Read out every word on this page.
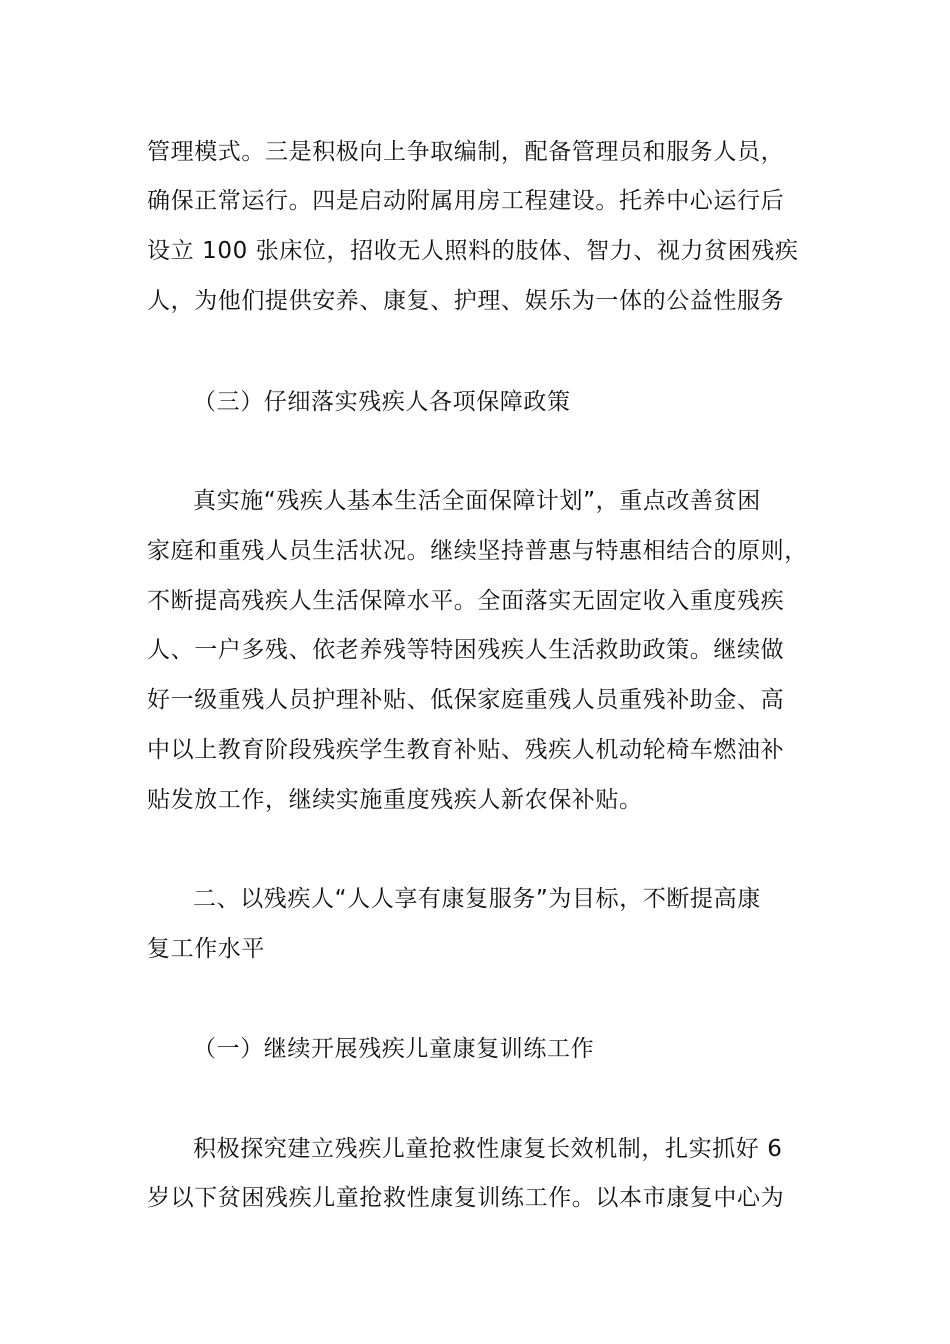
管理模式。三是积极向上争取编制，配备管理员和服务人员，
确保正常运行。四是启动附属用房工程建设。托养中心运行后
设立 100 张床位，招收无人照料的肢体、智力、视力贫困残疾
人，为他们提供安养、康复、护理、娱乐为一体的公益性服务
（三）仔细落实残疾人各项保障政策
真实施“残疾人基本生活全面保障计划”，重点改善贫困
家庭和重残人员生活状况。继续坚持普惠与特惠相结合的原则，
不断提高残疾人生活保障水平。全面落实无固定收入重度残疾
人、一户多残、依老养残等特困残疾人生活救助政策。继续做
好一级重残人员护理补贴、低保家庭重残人员重残补助金、高
中以上教育阶段残疾学生教育补贴、残疾人机动轮椅车燃油补
贴发放工作，继续实施重度残疾人新农保补贴。
二、以残疾人“人人享有康复服务”为目标，不断提高康
复工作水平
（一）继续开展残疾儿童康复训练工作
积极探究建立残疾儿童抢救性康复长效机制，扎实抓好 6
岁以下贫困残疾儿童抢救性康复训练工作。以本市康复中心为
